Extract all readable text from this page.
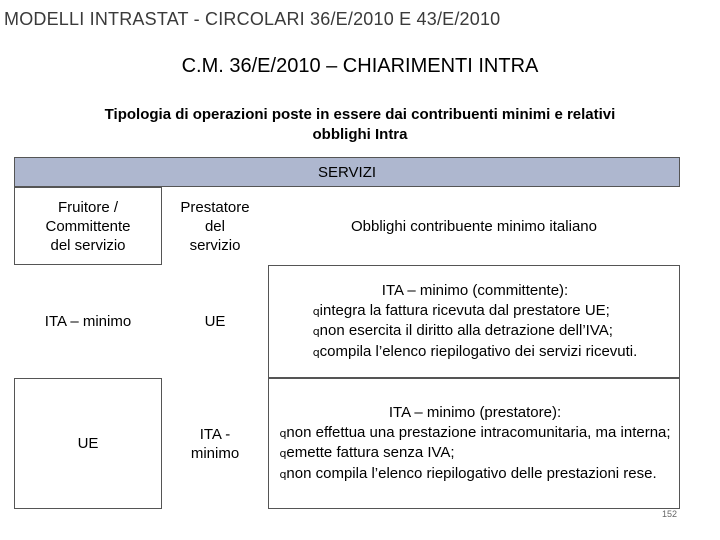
MODELLI INTRASTAT - CIRCOLARI 36/E/2010 E 43/E/2010
C.M. 36/E/2010 – CHIARIMENTI INTRA
Tipologia di operazioni poste in essere dai contribuenti minimi e relativi
obblighi Intra
SERVIZI
Fruitore /
Committente
del servizio
Prestatore
del
servizio
Obblighi contribuente minimo italiano
ITA – minimo	UE
ITA – minimo (committente):
qintegra la fattura ricevuta dal prestatore UE;
qnon esercita il diritto alla detrazione dell’IVA;
qcompila l’elenco riepilogativo dei servizi ricevuti.
UE
ITA -
minimo
ITA – minimo (prestatore):
qnon effettua una prestazione intracomunitaria, ma interna;
qemette fattura senza IVA;
qnon compila l’elenco riepilogativo delle prestazioni rese.
152
